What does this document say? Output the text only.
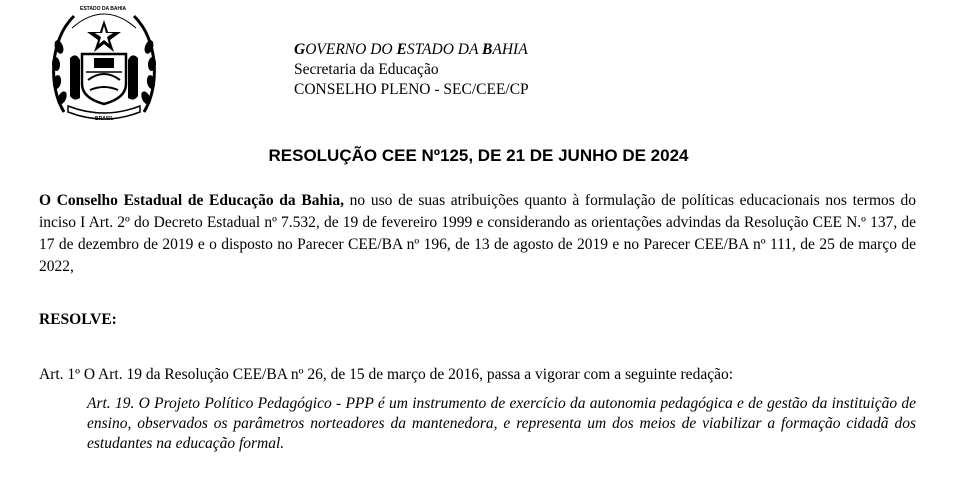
ESTADO DA BAHIA
BRASIL
GOVERNO DO ESTADO DA BAHIA
Secretaria da Educação
CONSELHO PLENO - SEC/CEE/CP
RESOLUÇÃO CEE Nº125, DE 21 DE JUNHO DE 2024
O Conselho Estadual de Educação da Bahia, no uso de suas atribuições quanto à formulação de políticas educacionais nos termos do inciso I Art. 2º do Decreto Estadual nº 7.532, de 19 de fevereiro 1999 e considerando as orientações advindas da Resolução CEE N.º 137, de 17 de dezembro de 2019 e o disposto no Parecer CEE/BA nº 196, de 13 de agosto de 2019 e no Parecer CEE/BA nº 111, de 25 de março de 2022,
RESOLVE:
Art. 1º O Art. 19 da Resolução CEE/BA nº 26, de 15 de março de 2016, passa a vigorar com a seguinte redação:
Art. 19. O Projeto Político Pedagógico - PPP é um instrumento de exercício da autonomia pedagógica e de gestão da instituição de ensino, observados os parâmetros norteadores da mantenedora, e representa um dos meios de viabilizar a formação cidadã dos estudantes na educação formal.
